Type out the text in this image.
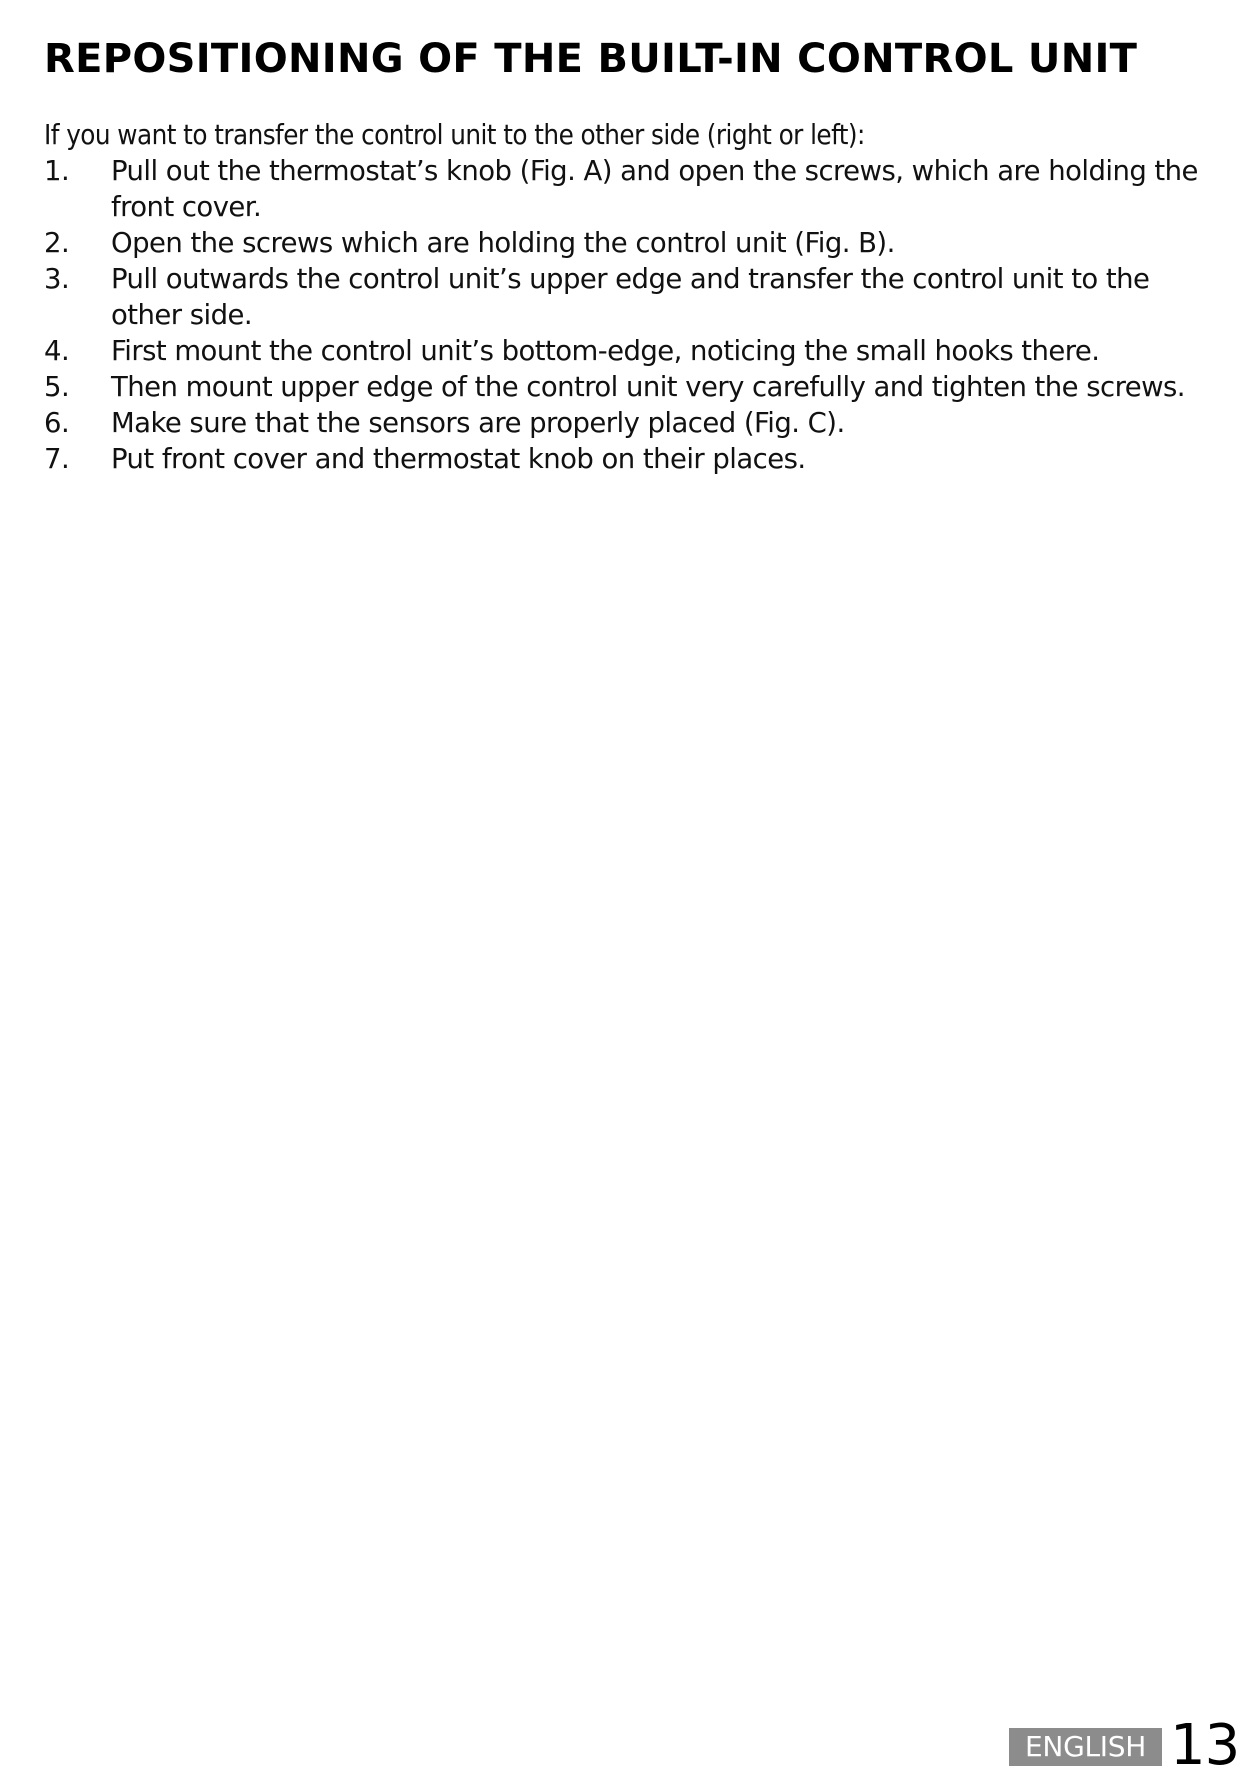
REPOSITIONING OF THE BUILT-IN CONTROL UNIT

If you want to transfer the control unit to the other side (right or left):

1.	Pull out the thermostat’s knob (Fig. A) and open the screws, which are holding the front cover.
2.	Open the screws which are holding the control unit (Fig. B).
3.	Pull outwards the control unit’s upper edge and transfer the control unit to the other side.
4.	First mount the control unit’s bottom-edge, noticing the small hooks there.
5.	Then mount upper edge of the control unit very carefully and tighten the screws.
6.	Make sure that the sensors are properly placed (Fig. C).
7.	Put front cover and thermostat knob on their places.
ENGLISH 13
